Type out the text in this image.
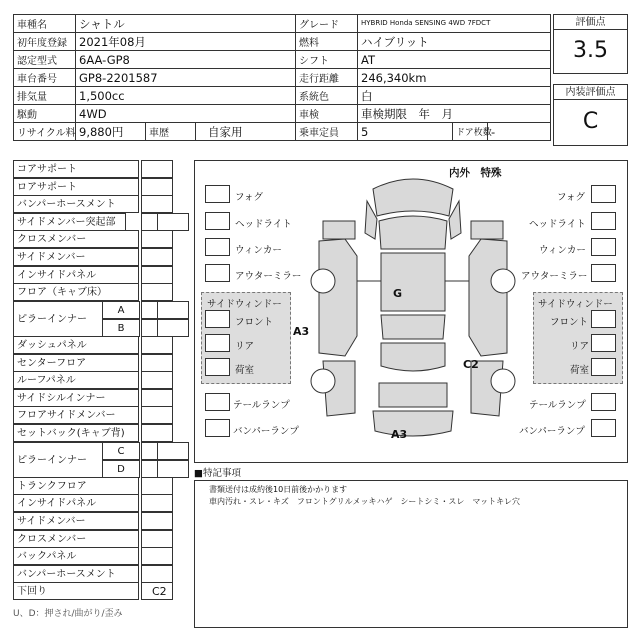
車種名	シャトル			グレード	HYBRID Honda SENSING 4WD 7FDCT		
初年度登録	2021年08月			燃料	ハイブリット		
認定型式	6AA-GP8			シフト	AT		
車台番号	GP8-2201587			走行距離	246,340km		
排気量	1,500cc			系統色	白		
駆動	4WD			車検	車検期限　年　月		
リサイクル料	9,880円	車歴	自家用	乗車定員	5	ドア枚数	-
評価点
3.5
内装評価点
C
コアサポート
ロアサポート
バンパーホースメント
サイドメンバー突起部
クロスメンバー
サイドメンバー
インサイドパネル
フロア（キャブ床）
ピラーインナー
A
B
ダッシュパネル
センターフロア
ルーフパネル
サイドシルインナー
フロアサイドメンバー
セットバック(キャブ背)
ピラーインナー
C
D
トランクフロア
インサイドパネル
サイドメンバー
クロスメンバー
バックパネル
バンパーホースメント
下回り	C2
U、D：押され/曲がり/歪み
内外　特殊
G
A3
C2
A3
フォグ
ヘッドライト
ウィンカー
アウターミラー
フォグ
ヘッドライト
ウィンカー
アウターミラー
サイドウィンドー
フロント
リア
荷室
サイドウィンドー
フロント
リア
荷室
テールランプ
バンパーランプ
テールランプ
バンパーランプ
■特記事項
書類送付は成約後10日前後かかります
車内汚れ・スレ・キズ　フロントグリルメッキハゲ　シートシミ・スレ　マットキレ穴
